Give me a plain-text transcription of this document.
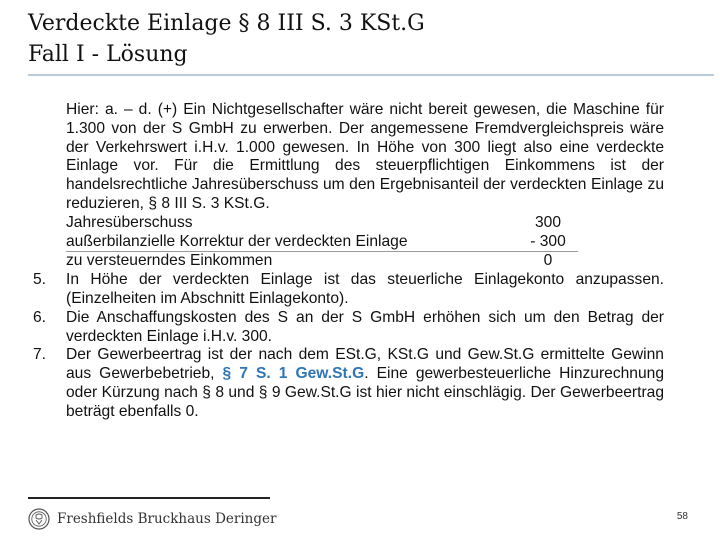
Verdeckte Einlage § 8 III S. 3 KSt.G
Fall I - Lösung
Hier: a. – d. (+) Ein Nichtgesellschafter wäre nicht bereit gewesen, die Maschine für 1.300 von der S GmbH zu erwerben. Der angemessene Fremdvergleichspreis wäre der Verkehrswert i.H.v. 1.000 gewesen. In Höhe von 300 liegt also eine verdeckte Einlage vor. Für die Ermittlung des steuerpflichtigen Einkommens ist der handelsrechtliche Jahresüberschuss um den Ergebnisanteil der verdeckten Einlage zu reduzieren, § 8 III S. 3 KSt.G.
Jahresüberschuss	300
außerbilanzielle Korrektur der verdeckten Einlage	- 300
zu versteuerndes Einkommen	0
5. In Höhe der verdeckten Einlage ist das steuerliche Einlagekonto anzupassen. (Einzelheiten im Abschnitt Einlagekonto).
6. Die Anschaffungskosten des S an der S GmbH erhöhen sich um den Betrag der verdeckten Einlage i.H.v. 300.
7. Der Gewerbeertrag ist der nach dem ESt.G, KSt.G und Gew.St.G ermittelte Gewinn aus Gewerbebetrieb, § 7 S. 1 Gew.St.G. Eine gewerbesteuerliche Hinzurechnung oder Kürzung nach § 8 und § 9 Gew.St.G ist hier nicht einschlägig. Der Gewerbeertrag beträgt ebenfalls 0.
Freshfields Bruckhaus Deringer	58
